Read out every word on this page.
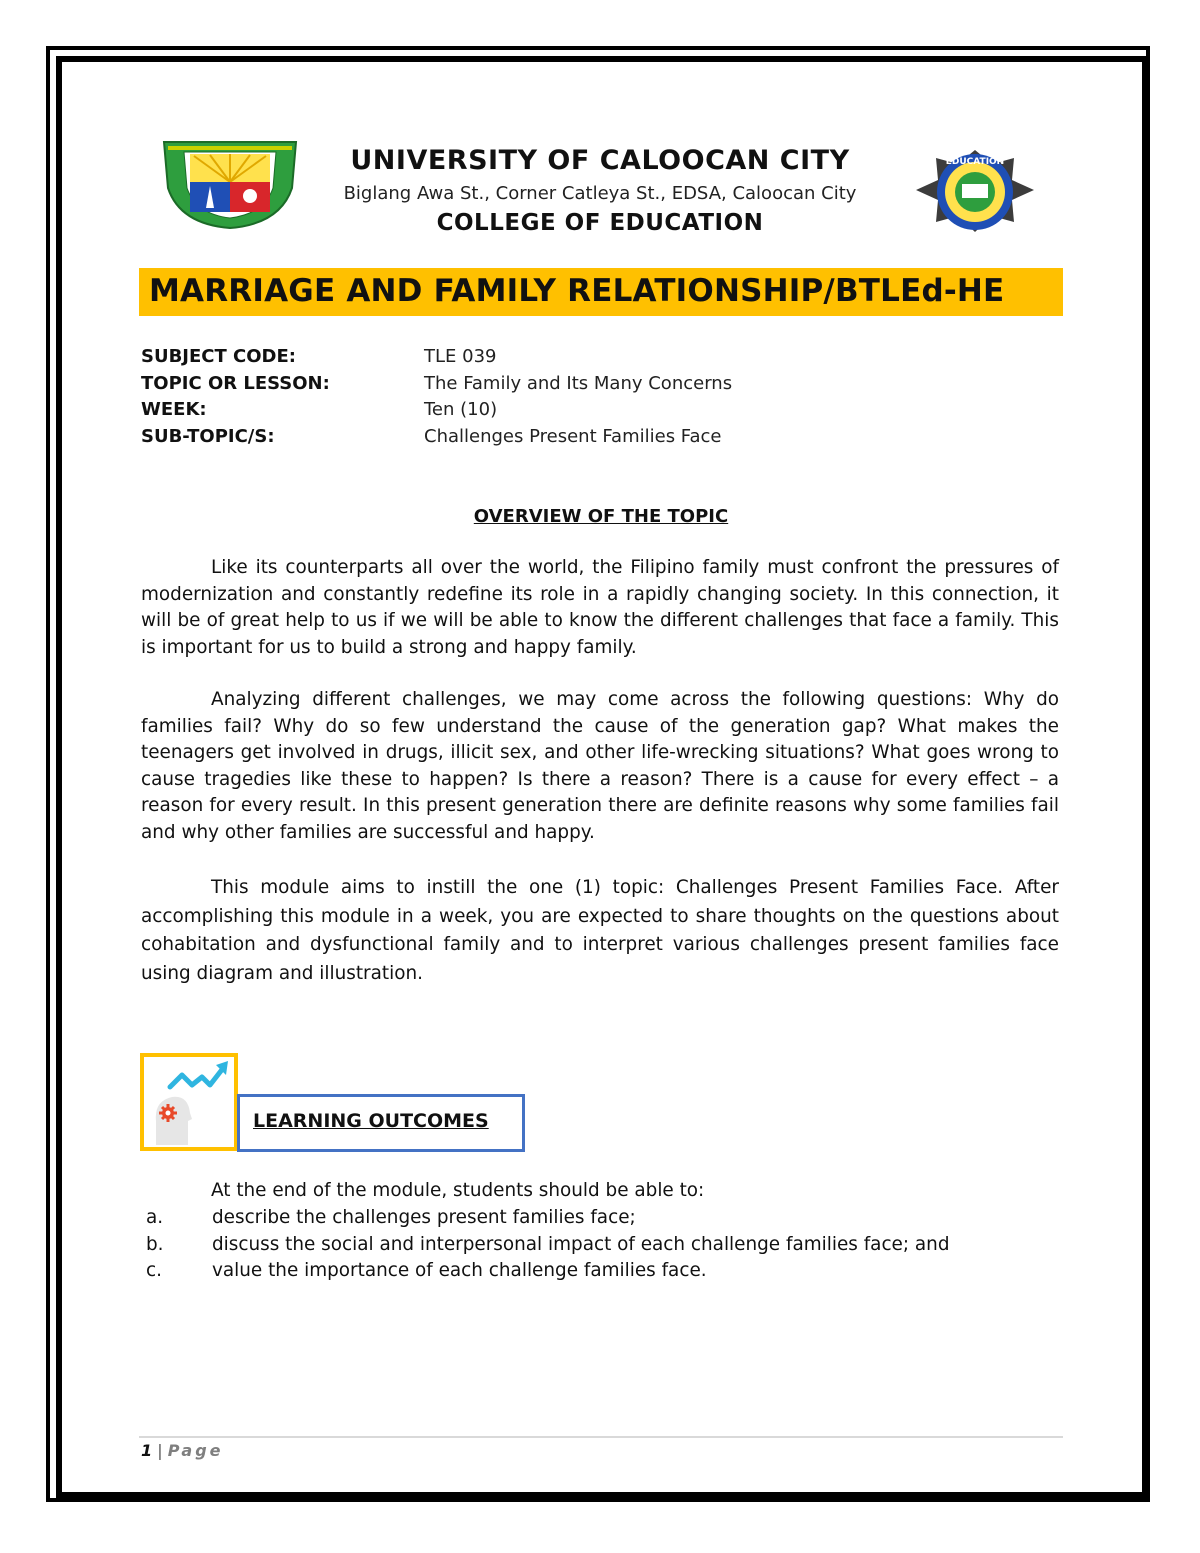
EDUCATION
UNIVERSITY OF CALOOCAN CITY
Biglang Awa St., Corner Catleya St., EDSA, Caloocan City
COLLEGE OF EDUCATION
MARRIAGE AND FAMILY RELATIONSHIP/BTLEd-HE
SUBJECT CODE:	TLE 039
TOPIC OR LESSON:	The Family and Its Many Concerns
WEEK:	Ten (10)
SUB-TOPIC/S:	Challenges Present Families Face
OVERVIEW OF THE TOPIC

Like its counterparts all over the world, the Filipino family must confront the pressures of modernization and constantly redefine its role in a rapidly changing society. In this connection, it will be of great help to us if we will be able to know the different challenges that face a family. This is important for us to build a strong and happy family.

Analyzing different challenges, we may come across the following questions: Why do families fail? Why do so few understand the cause of the generation gap? What makes the teenagers get involved in drugs, illicit sex, and other life-wrecking situations? What goes wrong to cause tragedies like these to happen? Is there a reason? There is a cause for every effect – a reason for every result. In this present generation there are definite reasons why some families fail and why other families are successful and happy.

This module aims to instill the one (1) topic: Challenges Present Families Face. After accomplishing this module in a week, you are expected to share thoughts on the questions about cohabitation and dysfunctional family and to interpret various challenges present families face using diagram and illustration.

LEARNING OUTCOMES
At the end of the module, students should be able to:
a.	describe the challenges present families face;
b.	discuss the social and interpersonal impact of each challenge families face; and
c.	value the importance of each challenge families face.
1 | Page
